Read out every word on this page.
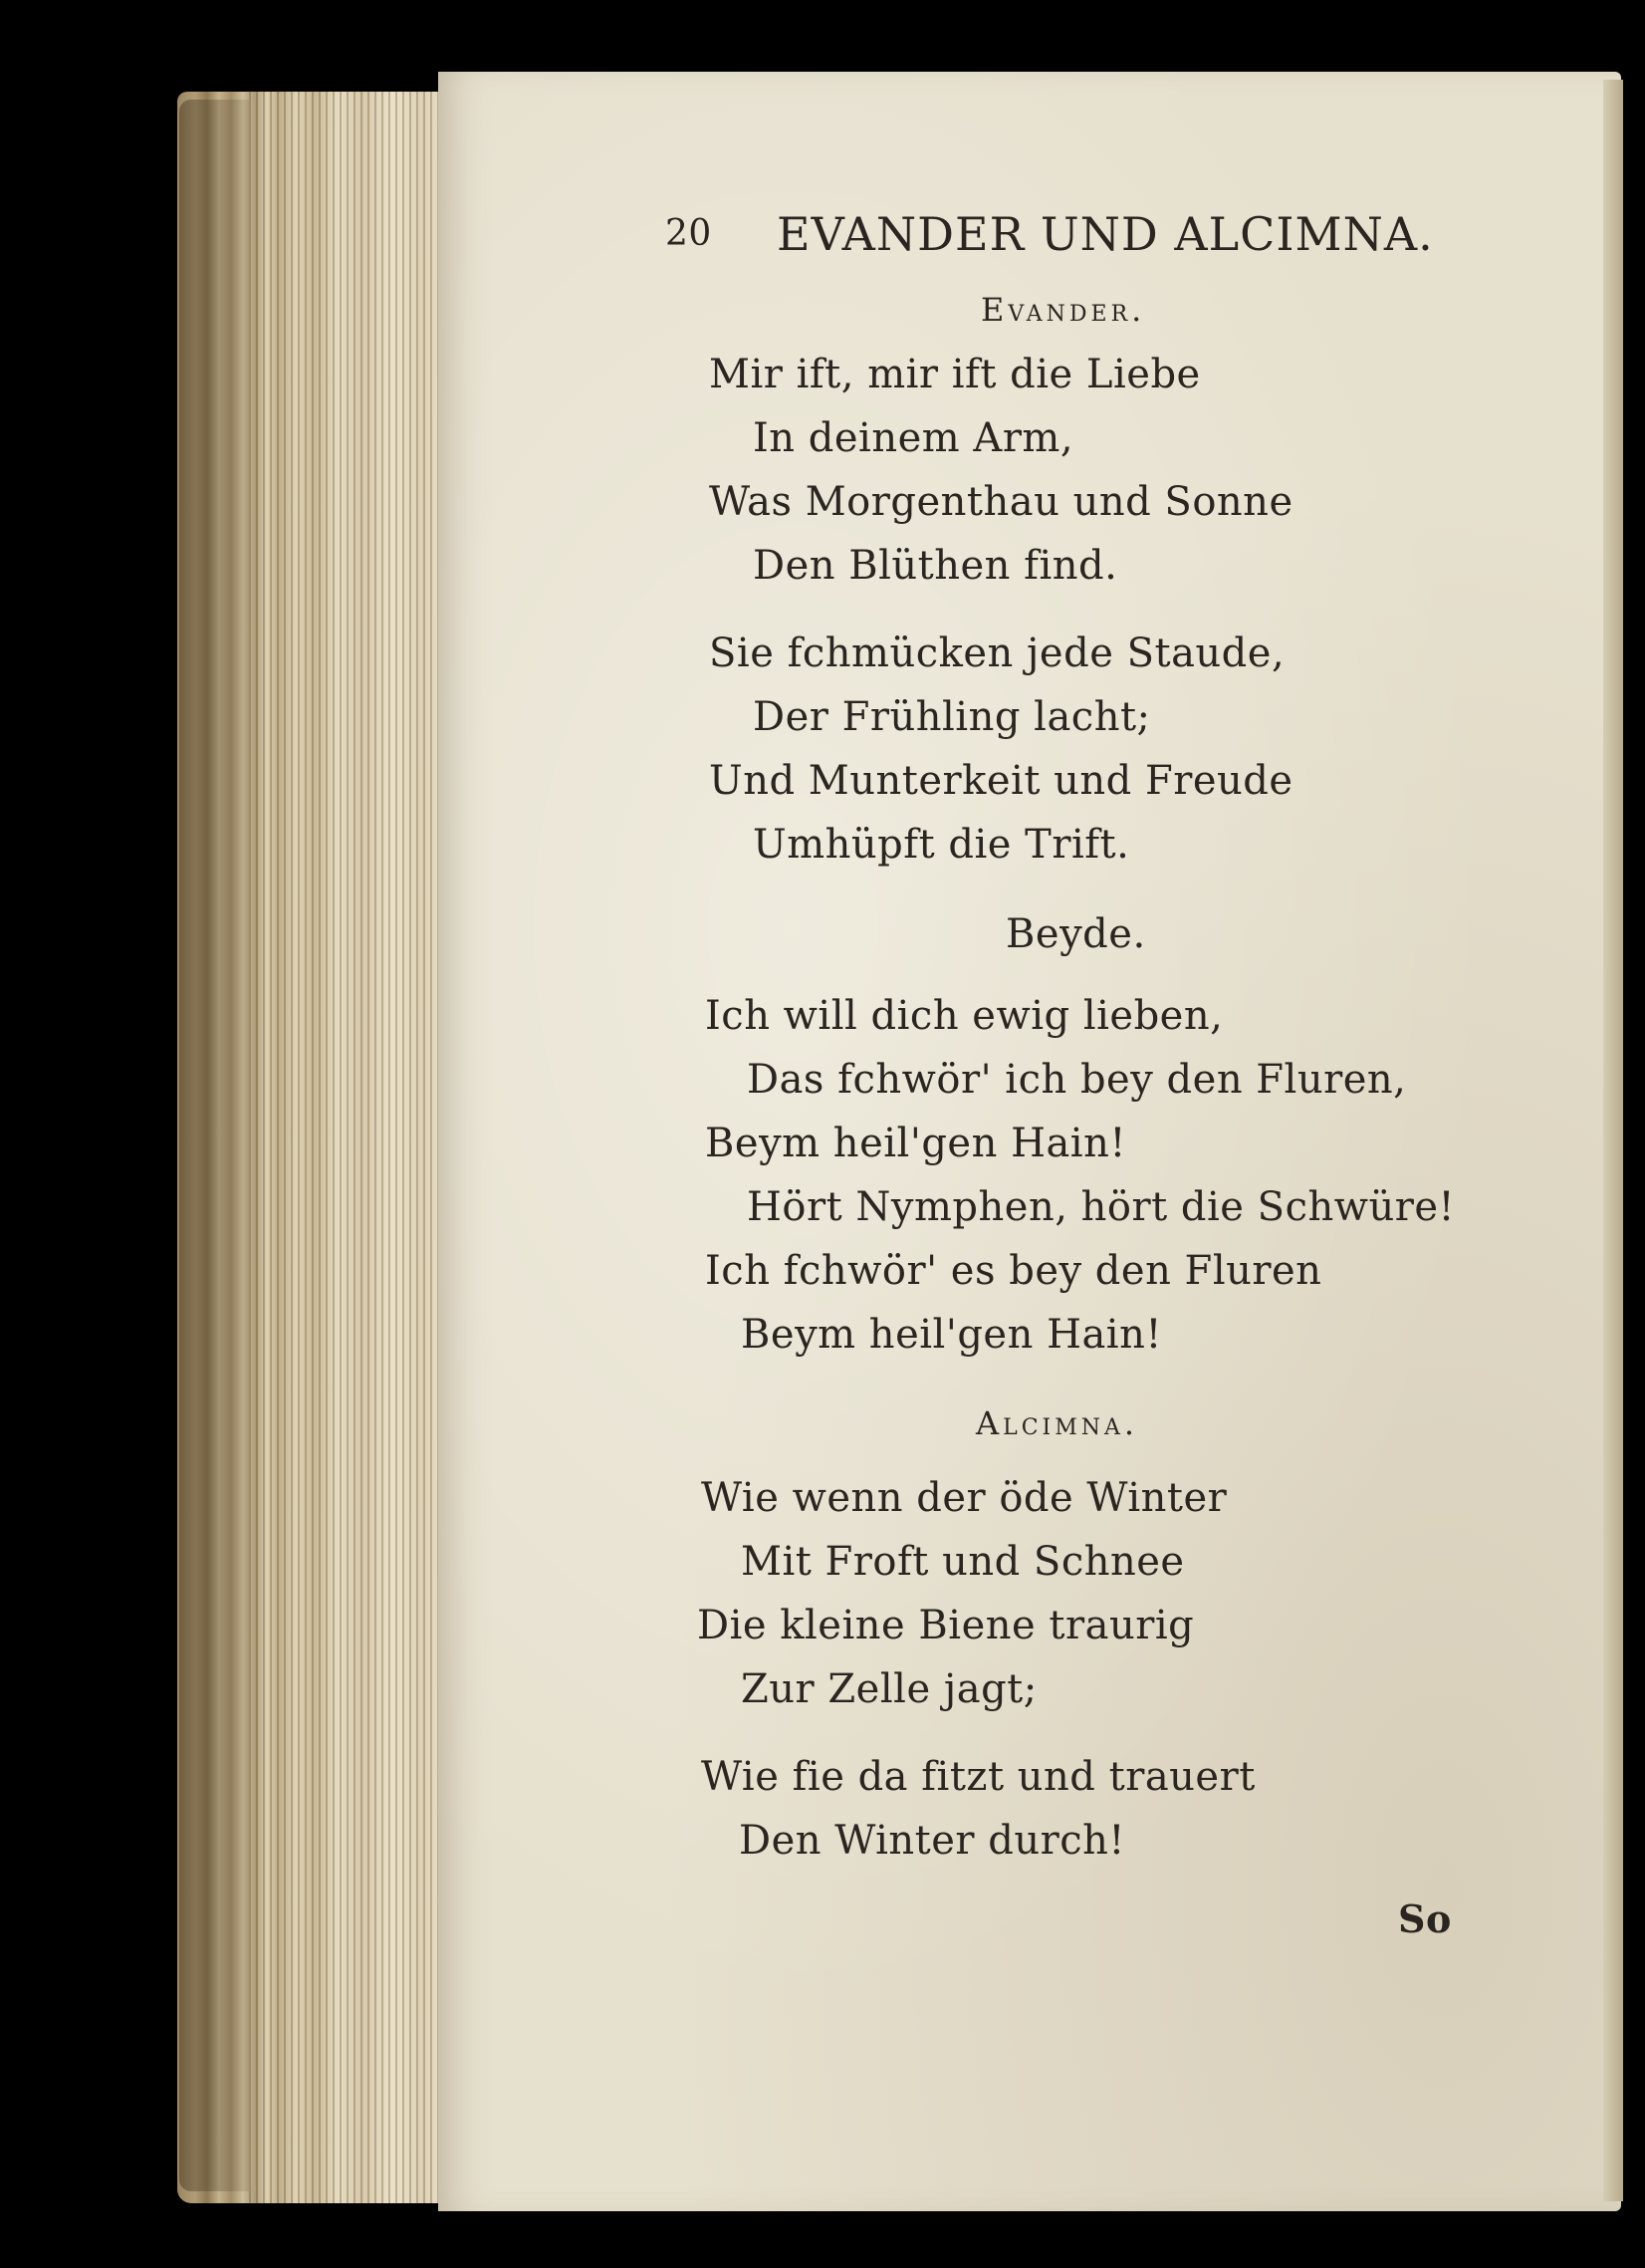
20 EVANDER UND ALCIMNA.
Evander.
Mir ift, mir ift die Liebe
In deinem Arm,
Was Morgenthau und Sonne
Den Blüthen find.
Sie fchmücken jede Staude,
Der Frühling lacht;
Und Munterkeit und Freude
Umhüpft die Trift.
Beyde.
Ich will dich ewig lieben,
Das fchwör' ich bey den Fluren,
Beym heil'gen Hain!
Hört Nymphen, hört die Schwüre!
Ich fchwör' es bey den Fluren
Beym heil'gen Hain!
Alcimna.
Wie wenn der öde Winter
Mit Froft und Schnee
Die kleine Biene traurig
Zur Zelle jagt;
Wie fie da fitzt und trauert
Den Winter durch!
So
